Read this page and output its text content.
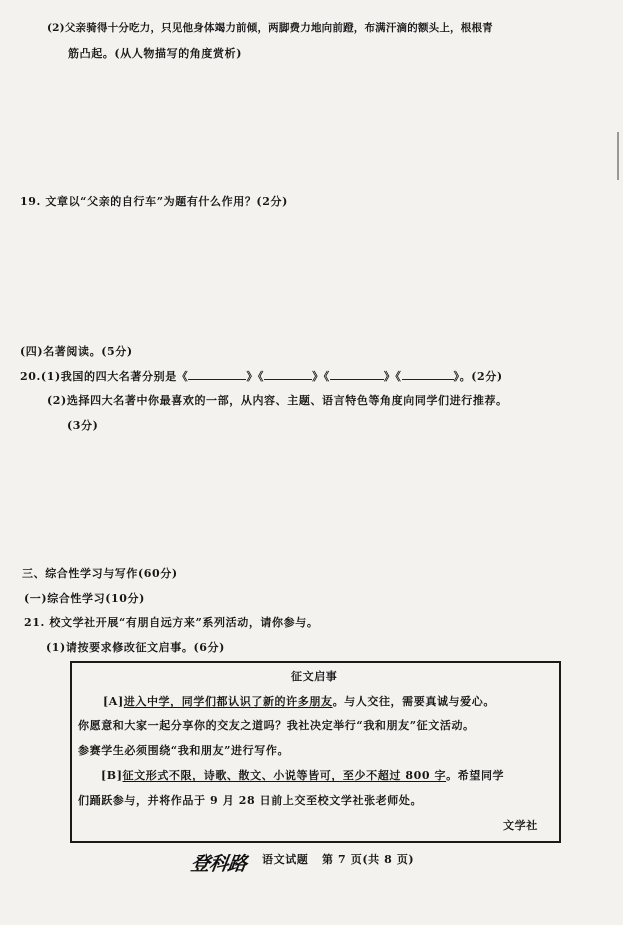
(2)父亲骑得十分吃力，只见他身体竭力前倾，两脚费力地向前蹬，布满汗滴的额头上，根根青
筋凸起。(从人物描写的角度赏析)
19. 文章以“父亲的自行车”为题有什么作用？(2分)
(四)名著阅读。(5分)
20.(1)我国的四大名著分别是《	》《	》《	》《	》。(2分)
(2)选择四大名著中你最喜欢的一部，从内容、主题、语言特色等角度向同学们进行推荐。
(3分)
三、综合性学习与写作(60分)
(一)综合性学习(10分)
21. 校文学社开展“有朋自远方来”系列活动，请你参与。
(1)请按要求修改征文启事。(6分)
征文启事
[A]进入中学，同学们都认识了新的许多朋友。与人交往，需要真诚与爱心。
你愿意和大家一起分享你的交友之道吗？我社决定举行“我和朋友”征文活动。
参赛学生必须围绕“我和朋友”进行写作。
[B]征文形式不限，诗歌、散文、小说等皆可，至少不超过 800 字。希望同学
们踊跃参与，并将作品于 9 月 28 日前上交至校文学社张老师处。
文学社
登科路 语文试题 第 7 页(共 8 页)
